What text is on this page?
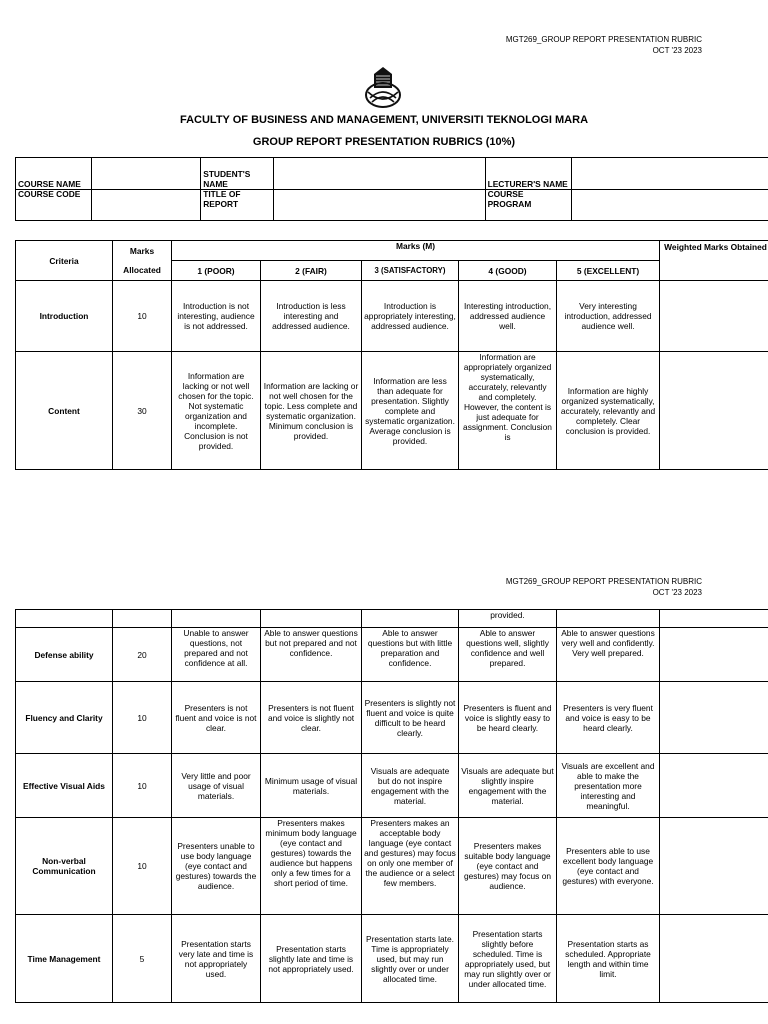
MGT269_GROUP REPORT PRESENTATION RUBRIC
OCT '23 2023
FACULTY OF BUSINESS AND MANAGEMENT, UNIVERSITI TEKNOLOGI MARA
GROUP REPORT PRESENTATION RUBRICS (10%)
COURSE NAME		STUDENT'S NAME		LECTURER'S NAME	
COURSE CODE		TITLE OF REPORT		COURSE PROGRAM	
Criteria	Marks
Allocated	Marks (M)					Weighted Marks Obtained
		1 (POOR)	2 (FAIR)	3 (SATISFACTORY)	4 (GOOD)	5 (EXCELLENT)	
Introduction	10	Introduction is not interesting, audience is not addressed.	Introduction is less interesting and addressed audience.	Introduction is appropriately interesting, addressed audience.	Interesting introduction, addressed audience well.	Very interesting introduction, addressed audience well.	
Content	30	Information are lacking or not well chosen for the topic. Not systematic organization and incomplete. Conclusion is not provided.	Information are lacking or not well chosen for the topic. Less complete and systematic organization. Minimum conclusion is provided.	Information are less than adequate for presentation. Slightly complete and systematic organization. Average conclusion is provided.	Information are appropriately organized systematically, accurately, relevantly and completely. However, the content is just adequate for assignment. Conclusion is	Information are highly organized systematically, accurately, relevantly and completely. Clear conclusion is provided.	
MGT269_GROUP REPORT PRESENTATION RUBRIC
OCT '23 2023
					provided.		
Defense ability	20	Unable to answer questions, not prepared and not confidence at all.	Able to answer questions but not prepared and not confidence.	Able to answer questions but with little preparation and confidence.	Able to answer questions well, slightly confidence and well prepared.	Able to answer questions very well and confidently. Very well prepared.	
Fluency and Clarity	10	Presenters is not fluent and voice is not clear.	Presenters is not fluent and voice is slightly not clear.	Presenters is slightly not fluent and voice is quite difficult to be heard clearly.	Presenters is fluent and voice is slightly easy to be heard clearly.	Presenters is very fluent and voice is easy to be heard clearly.	
Effective Visual Aids	10	Very little and poor usage of visual materials.	Minimum usage of visual materials.	Visuals are adequate but do not inspire engagement with the material.	Visuals are adequate but slightly inspire engagement with the material.	Visuals are excellent and able to make the presentation more interesting and meaningful.	
Non-verbal Communication	10	Presenters unable to use body language (eye contact and gestures) towards the audience.	Presenters makes minimum body language (eye contact and gestures) towards the audience but happens only a few times for a short period of time.	Presenters makes an acceptable body language (eye contact and gestures) may focus on only one member of the audience or a select few members.	Presenters makes suitable body language (eye contact and gestures) may focus on audience.	Presenters able to use excellent body language (eye contact and gestures) with everyone.	
Time Management	5	Presentation starts very late and time is not appropriately used.	Presentation starts slightly late and time is not appropriately used.	Presentation starts late. Time is appropriately used, but may run slightly over or under allocated time.	Presentation starts slightly before scheduled. Time is appropriately used, but may run slightly over or under allocated time.	Presentation starts as scheduled. Appropriate length and within time limit.	
